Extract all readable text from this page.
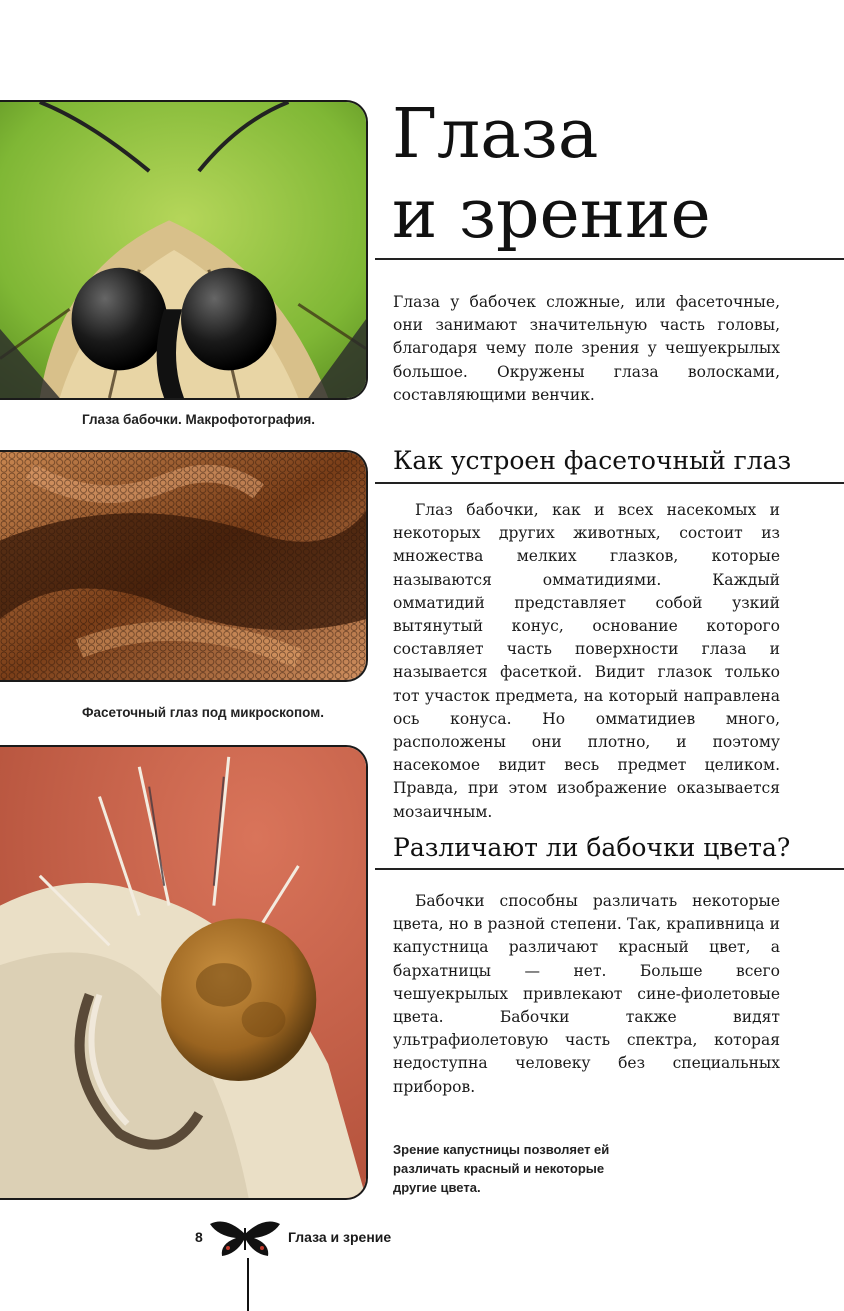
Глаза бабочки. Макрофотография.
Фасеточный глаз под микроскопом.
Зрение капустницы позволяет ей различать красный и некоторые другие цвета.
Глаза
и зрение

Глаза у бабочек сложные, или фасеточные, они занимают значительную часть головы, благодаря чему поле зрения у чешуекрылых большое. Окружены глаза волосками, составляющими венчик.

Как устроен фасеточный глаз

Глаз бабочки, как и всех насекомых и некоторых других животных, состоит из множества мелких глазков, которые называются омматидиями. Каждый омматидий представляет собой узкий вытянутый конус, основание которого составляет часть поверхности глаза и называется фасеткой. Видит глазок только тот участок предмета, на который направлена ось конуса. Но омматидиев много, расположены они плотно, и поэтому насекомое видит весь предмет целиком. Правда, при этом изображение оказывается мозаичным.

Различают ли бабочки цвета?

Бабочки способны различать некоторые цвета, но в разной степени. Так, крапивница и капустница различают красный цвет, а бархатницы — нет. Больше всего чешуекрылых привлекают сине-фиолетовые цвета. Бабочки также видят ультрафиолетовую часть спектра, которая недоступна человеку без специальных приборов.

8	Глаза и зрение
